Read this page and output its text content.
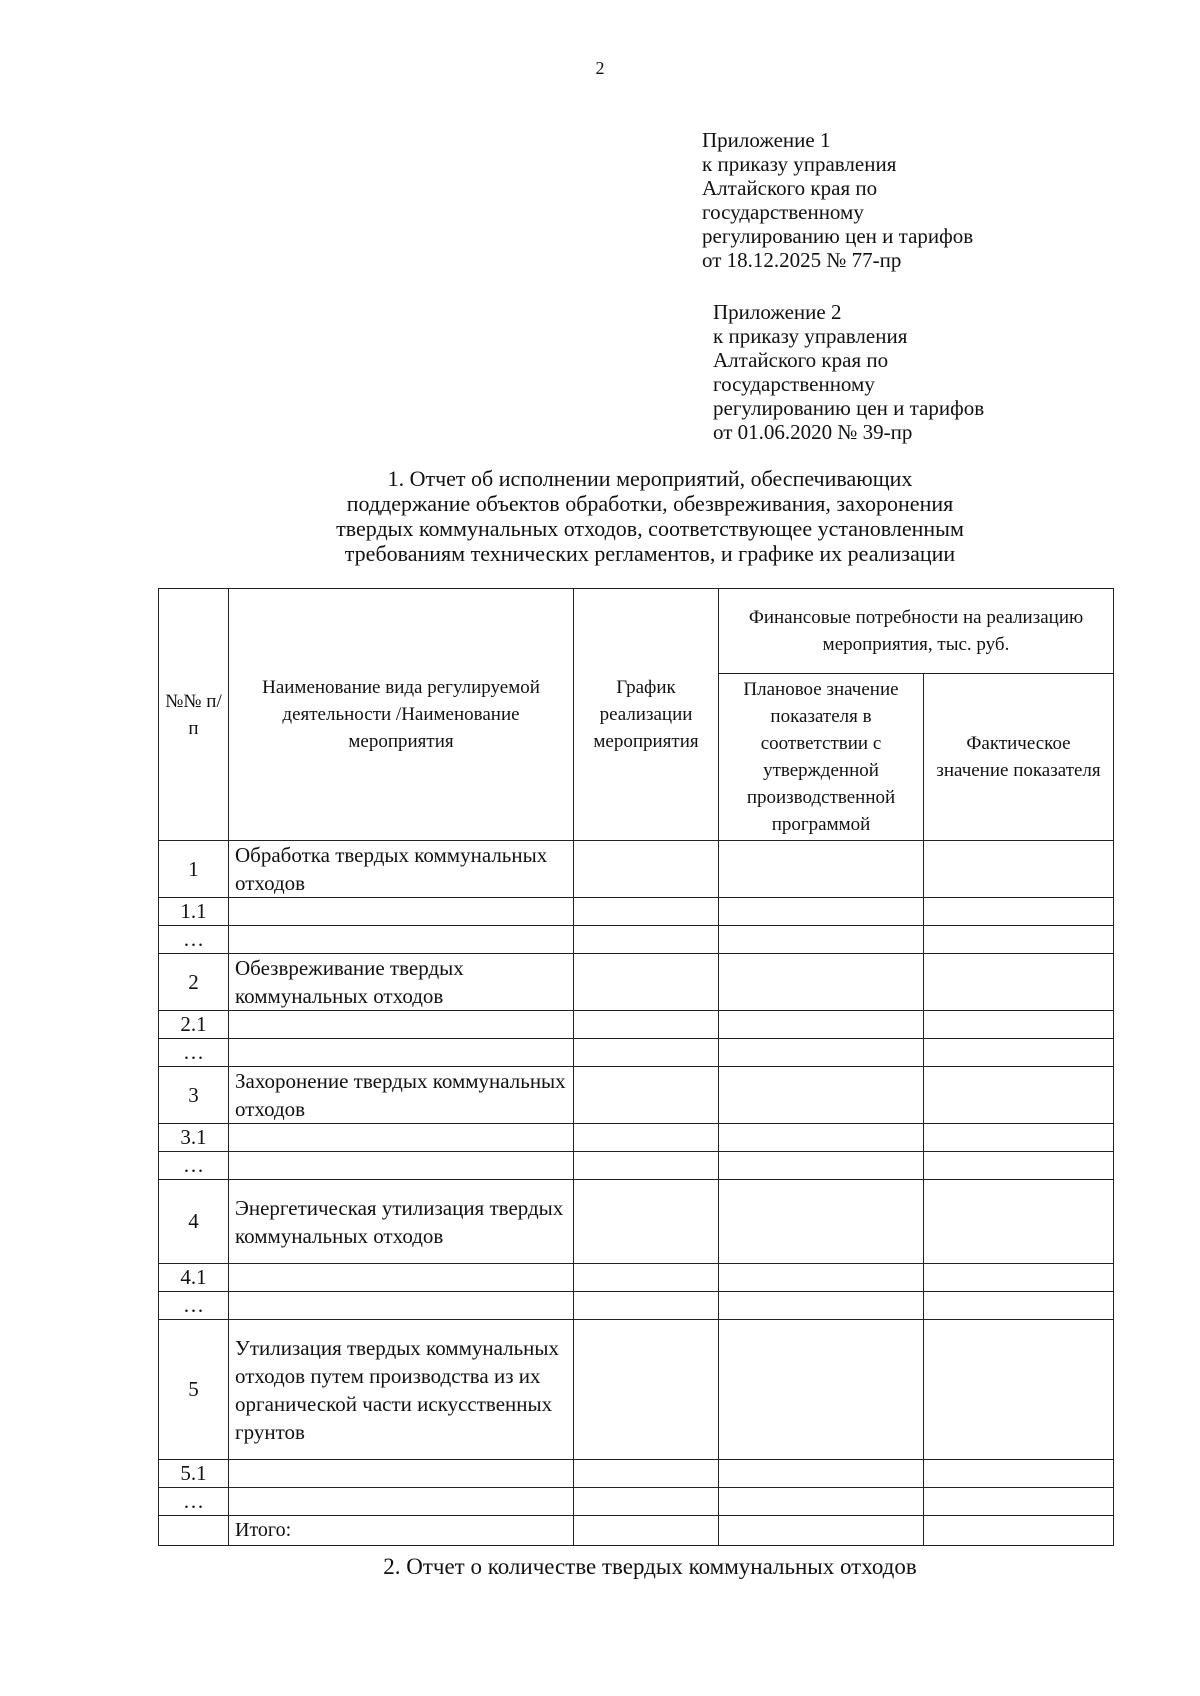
2
Приложение 1
к приказу управления
Алтайского края по
государственному
регулированию цен и тарифов
от 18.12.2025 № 77-пр
Приложение 2
к приказу управления
Алтайского края по
государственному
регулированию цен и тарифов
от 01.06.2020 № 39-пр
1. Отчет об исполнении мероприятий, обеспечивающих
поддержание объектов обработки, обезвреживания, захоронения
твердых коммунальных отходов, соответствующее установленным
требованиям технических регламентов, и графике их реализации
№№ п/п	Наименование вида регулируемой деятельности /Наименование мероприятия	График реализации мероприятия	Финансовые потребности на реализацию мероприятия, тыс. руб.	
			Плановое значение показателя в соответствии с утвержденной производственной программой	Фактическое значение показателя
1	Обработка твердых коммунальных отходов			
1.1				
…				
2	Обезвреживание твердых коммунальных отходов			
2.1				
…				
3	Захоронение твердых коммунальных отходов			
3.1				
…				
4	Энергетическая утилизация твердых коммунальных отходов			
4.1				
…				
5	Утилизация твердых коммунальных отходов путем производства из их органической части искусственных грунтов			
5.1				
…				
	Итого:			
2. Отчет о количестве твердых коммунальных отходов
